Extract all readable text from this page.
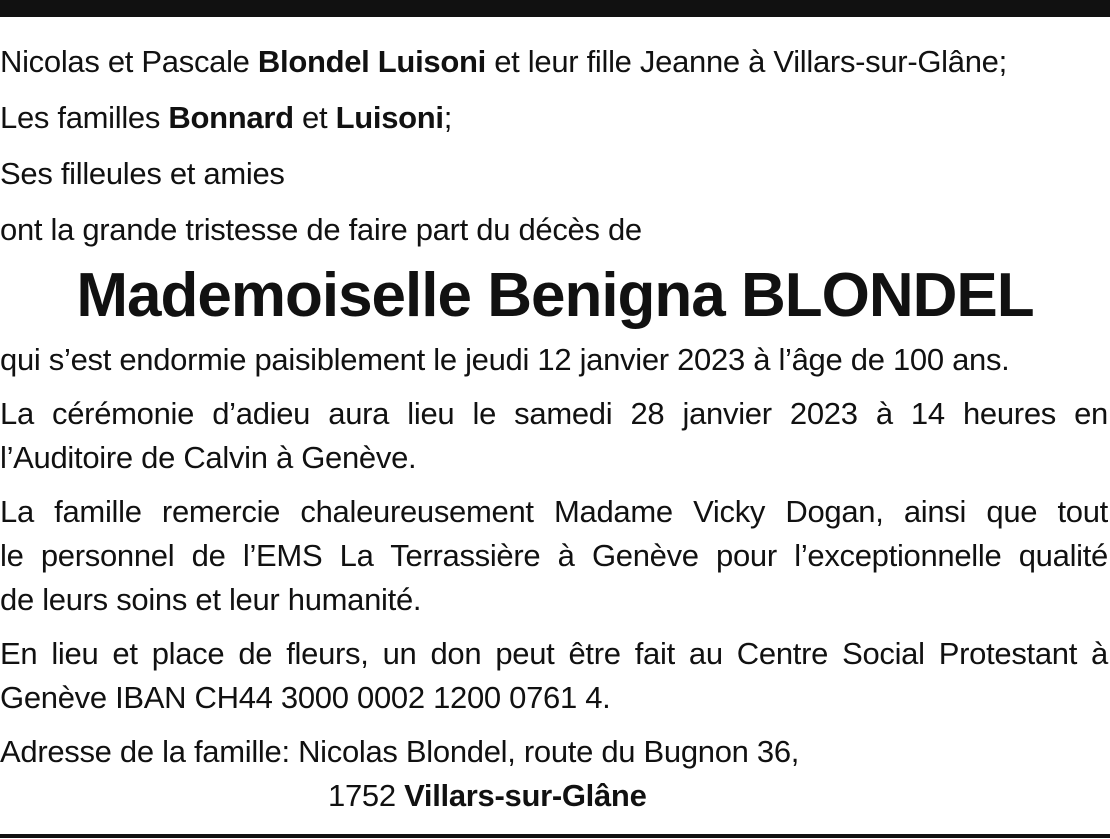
Nicolas et Pascale Blondel Luisoni et leur fille Jeanne à Villars-sur-Glâne;
Les familles Bonnard et Luisoni;
Ses filleules et amies
ont la grande tristesse de faire part du décès de
Mademoiselle Benigna BLONDEL
qui s’est endormie paisiblement le jeudi 12 janvier 2023 à l’âge de 100 ans.
La cérémonie d’adieu aura lieu le samedi 28 janvier 2023 à 14 heures en
l’Auditoire de Calvin à Genève.
La famille remercie chaleureusement Madame Vicky Dogan, ainsi que tout
le personnel de l’EMS La Terrassière à Genève pour l’exceptionnelle qualité
de leurs soins et leur humanité.
En lieu et place de fleurs, un don peut être fait au Centre Social Protestant à
Genève IBAN CH44 3000 0002 1200 0761 4.
Adresse de la famille: Nicolas Blondel, route du Bugnon 36,
1752 Villars-sur-Glâne
